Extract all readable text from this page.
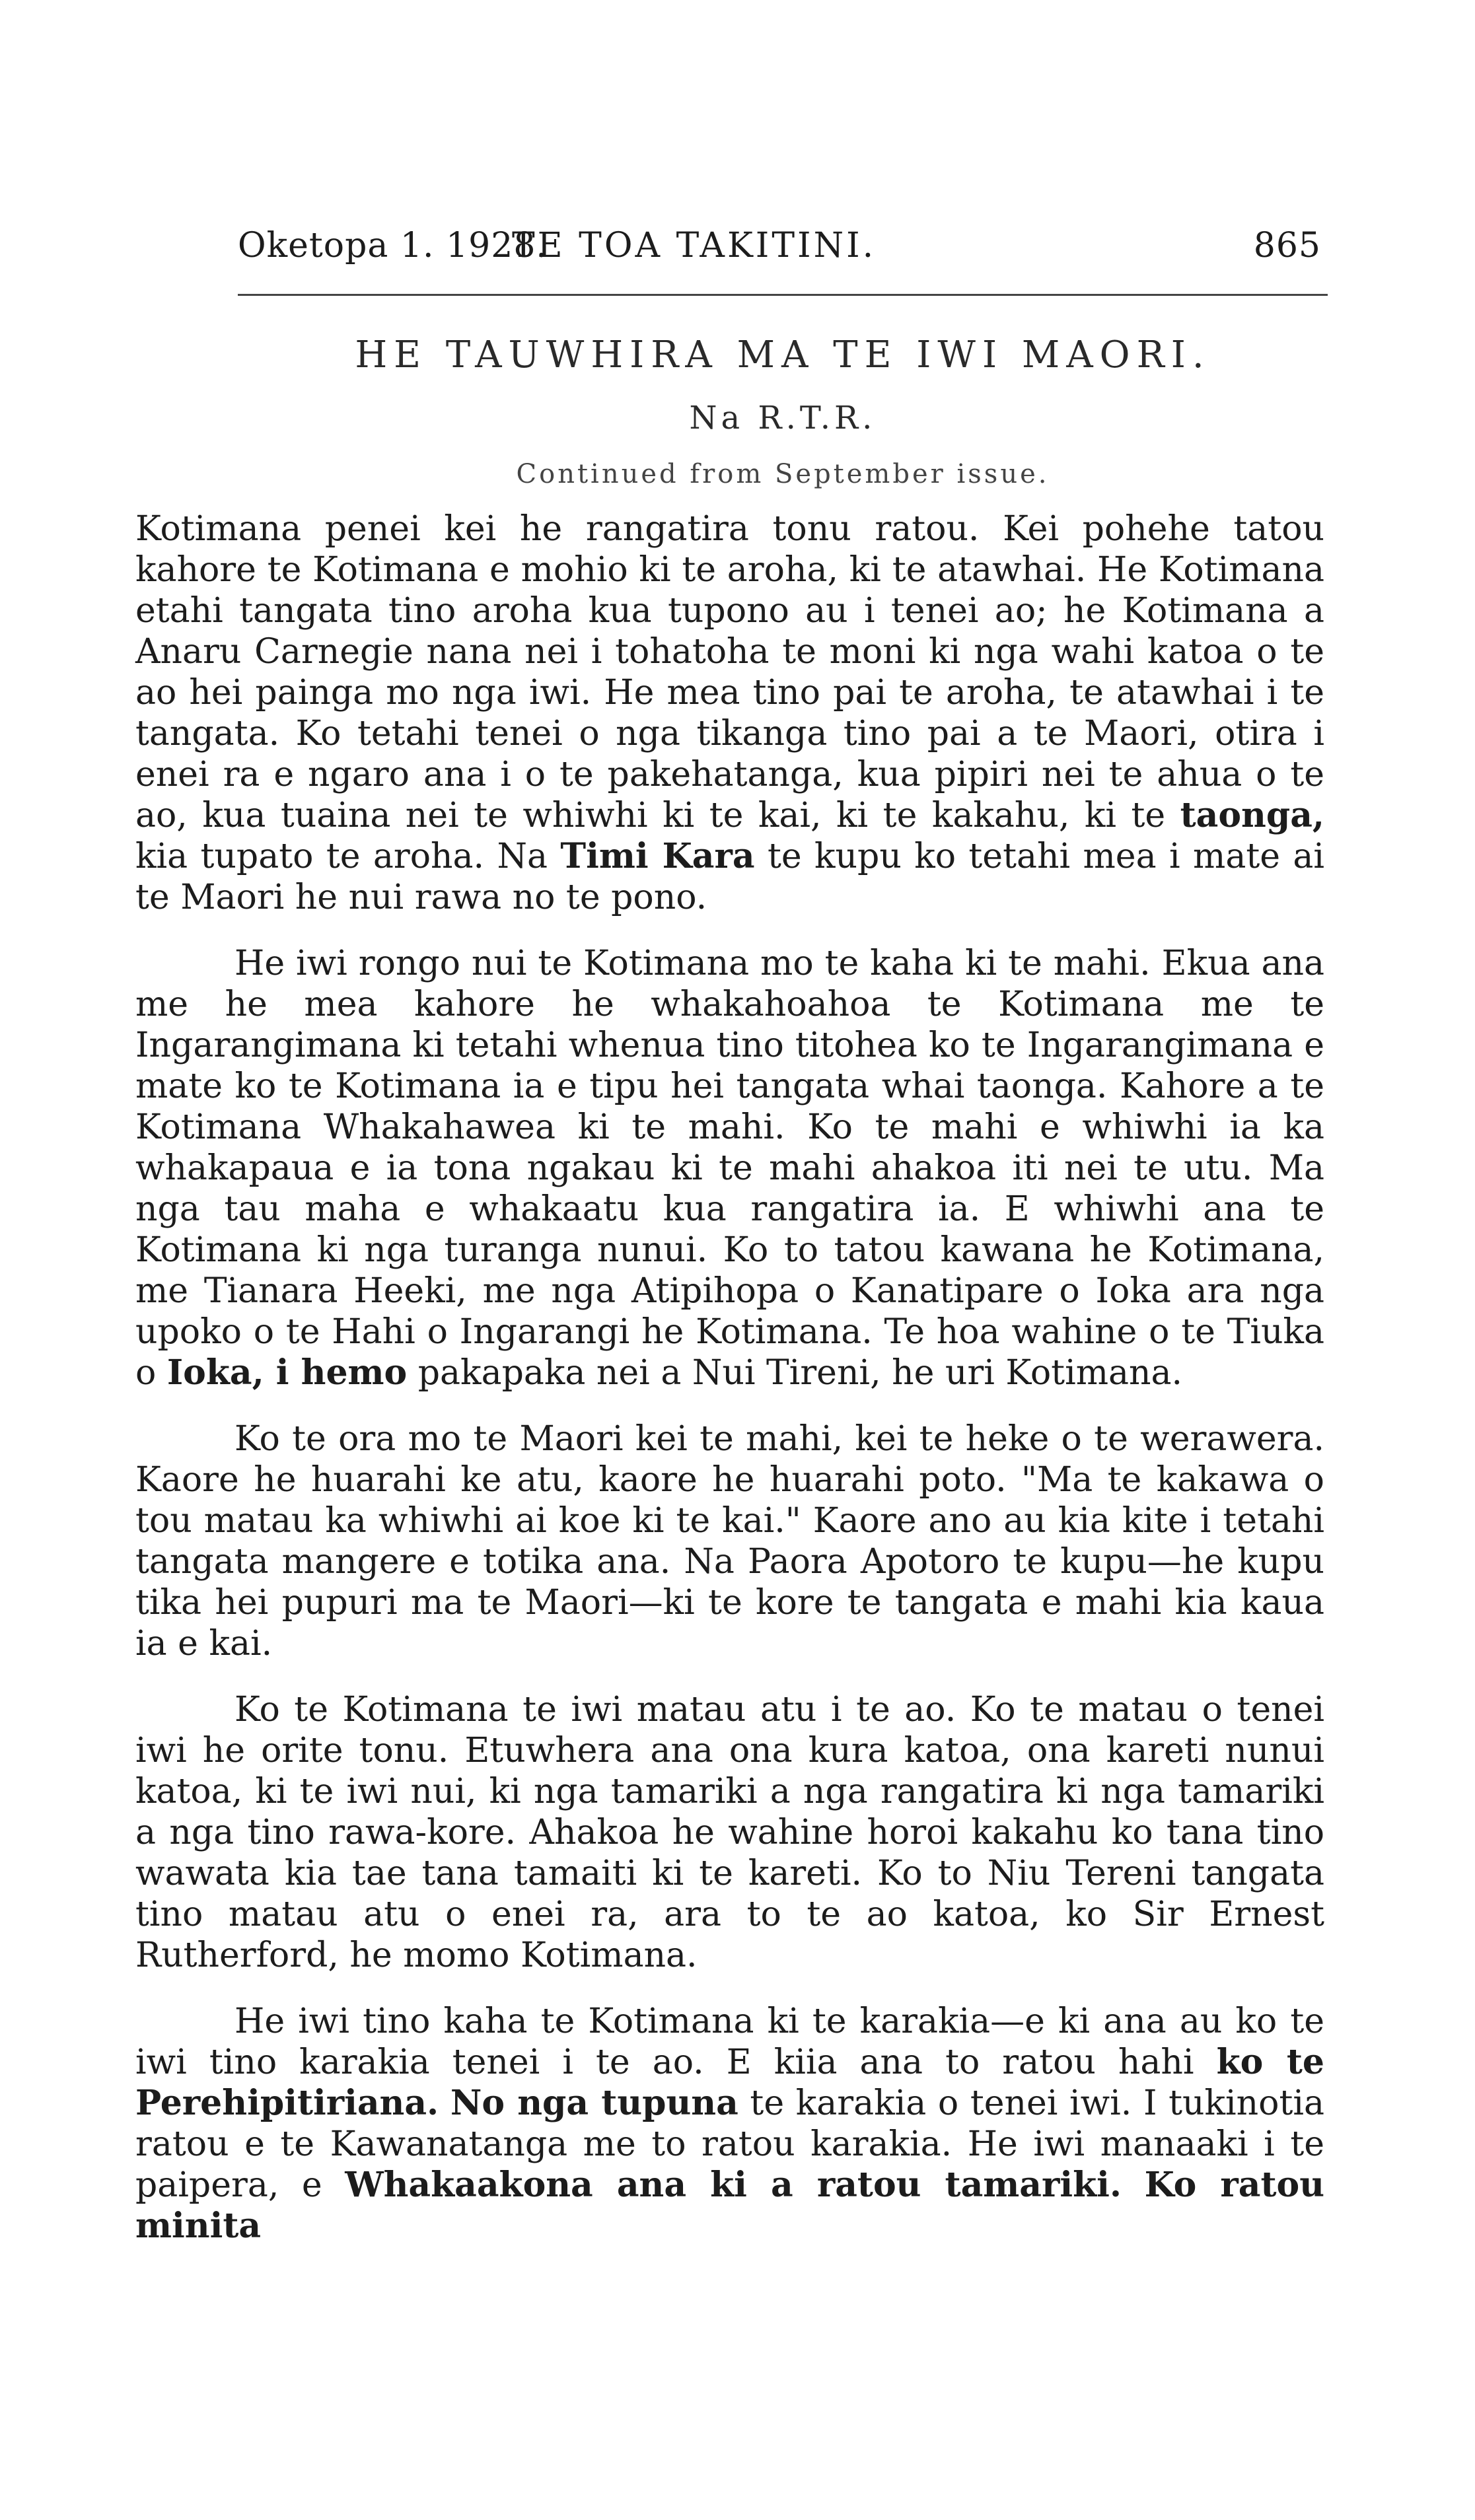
Oketopa 1. 1928.
TE TOA TAKITINI.	865
HE TAUWHIRA MA TE IWI MAORI.
Na R.T.R.
Continued from September issue.

Kotimana penei kei he rangatira tonu ratou. Kei pohehe tatou kahore te Kotimana e mohio ki te aroha, ki te atawhai. He Kotimana etahi tangata tino aroha kua tupono au i tenei ao; he Kotimana a Anaru Carnegie nana nei i tohatoha te moni ki nga wahi katoa o te ao hei painga mo nga iwi. He mea tino pai te aroha, te atawhai i te tangata. Ko tetahi tenei o nga tikanga tino pai a te Maori, otira i enei ra e ngaro ana i o te pakehatanga, kua pipiri nei te ahua o te ao, kua tuaina nei te whiwhi ki te kai, ki te kakahu, ki te taonga, kia tupato te aroha. Na Timi Kara te kupu ko tetahi mea i mate ai te Maori he nui rawa no te pono.

He iwi rongo nui te Kotimana mo te kaha ki te mahi. Ekua ana me he mea kahore he whakahoahoa te Kotimana me te Ingarangimana ki tetahi whenua tino titohea ko te Ingarangimana e mate ko te Kotimana ia e tipu hei tangata whai taonga. Kahore a te Kotimana Whakahawea ki te mahi. Ko te mahi e whiwhi ia ka whakapaua e ia tona ngakau ki te mahi ahakoa iti nei te utu. Ma nga tau maha e whakaatu kua rangatira ia. E whiwhi ana te Kotimana ki nga turanga nunui. Ko to tatou kawana he Kotimana, me Tianara Heeki, me nga Atipihopa o Kanatipare o Ioka ara nga upoko o te Hahi o Ingarangi he Kotimana. Te hoa wahine o te Tiuka o Ioka, i hemo pakapaka nei a Nui Tireni, he uri Kotimana.

Ko te ora mo te Maori kei te mahi, kei te heke o te werawera. Kaore he huarahi ke atu, kaore he huarahi poto. "Ma te kakawa o tou matau ka whiwhi ai koe ki te kai." Kaore ano au kia kite i tetahi tangata mangere e totika ana. Na Paora Apotoro te kupu—he kupu tika hei pupuri ma te Maori—ki te kore te tangata e mahi kia kaua ia e kai.

Ko te Kotimana te iwi matau atu i te ao. Ko te matau o tenei iwi he orite tonu. Etuwhera ana ona kura katoa, ona kareti nunui katoa, ki te iwi nui, ki nga tamariki a nga rangatira ki nga tamariki a nga tino rawa-kore. Ahakoa he wahine horoi kakahu ko tana tino wawata kia tae tana tamaiti ki te kareti. Ko to Niu Tereni tangata tino matau atu o enei ra, ara to te ao katoa, ko Sir Ernest Rutherford, he momo Kotimana.

He iwi tino kaha te Kotimana ki te karakia—e ki ana au ko te iwi tino karakia tenei i te ao. E kiia ana to ratou hahi ko te Perehipitiriana. No nga tupuna te karakia o tenei iwi. I tukinotia ratou e te Kawanatanga me to ratou karakia. He iwi manaaki i te paipera, e Whakaakona ana ki a ratou tamariki. Ko ratou minita
